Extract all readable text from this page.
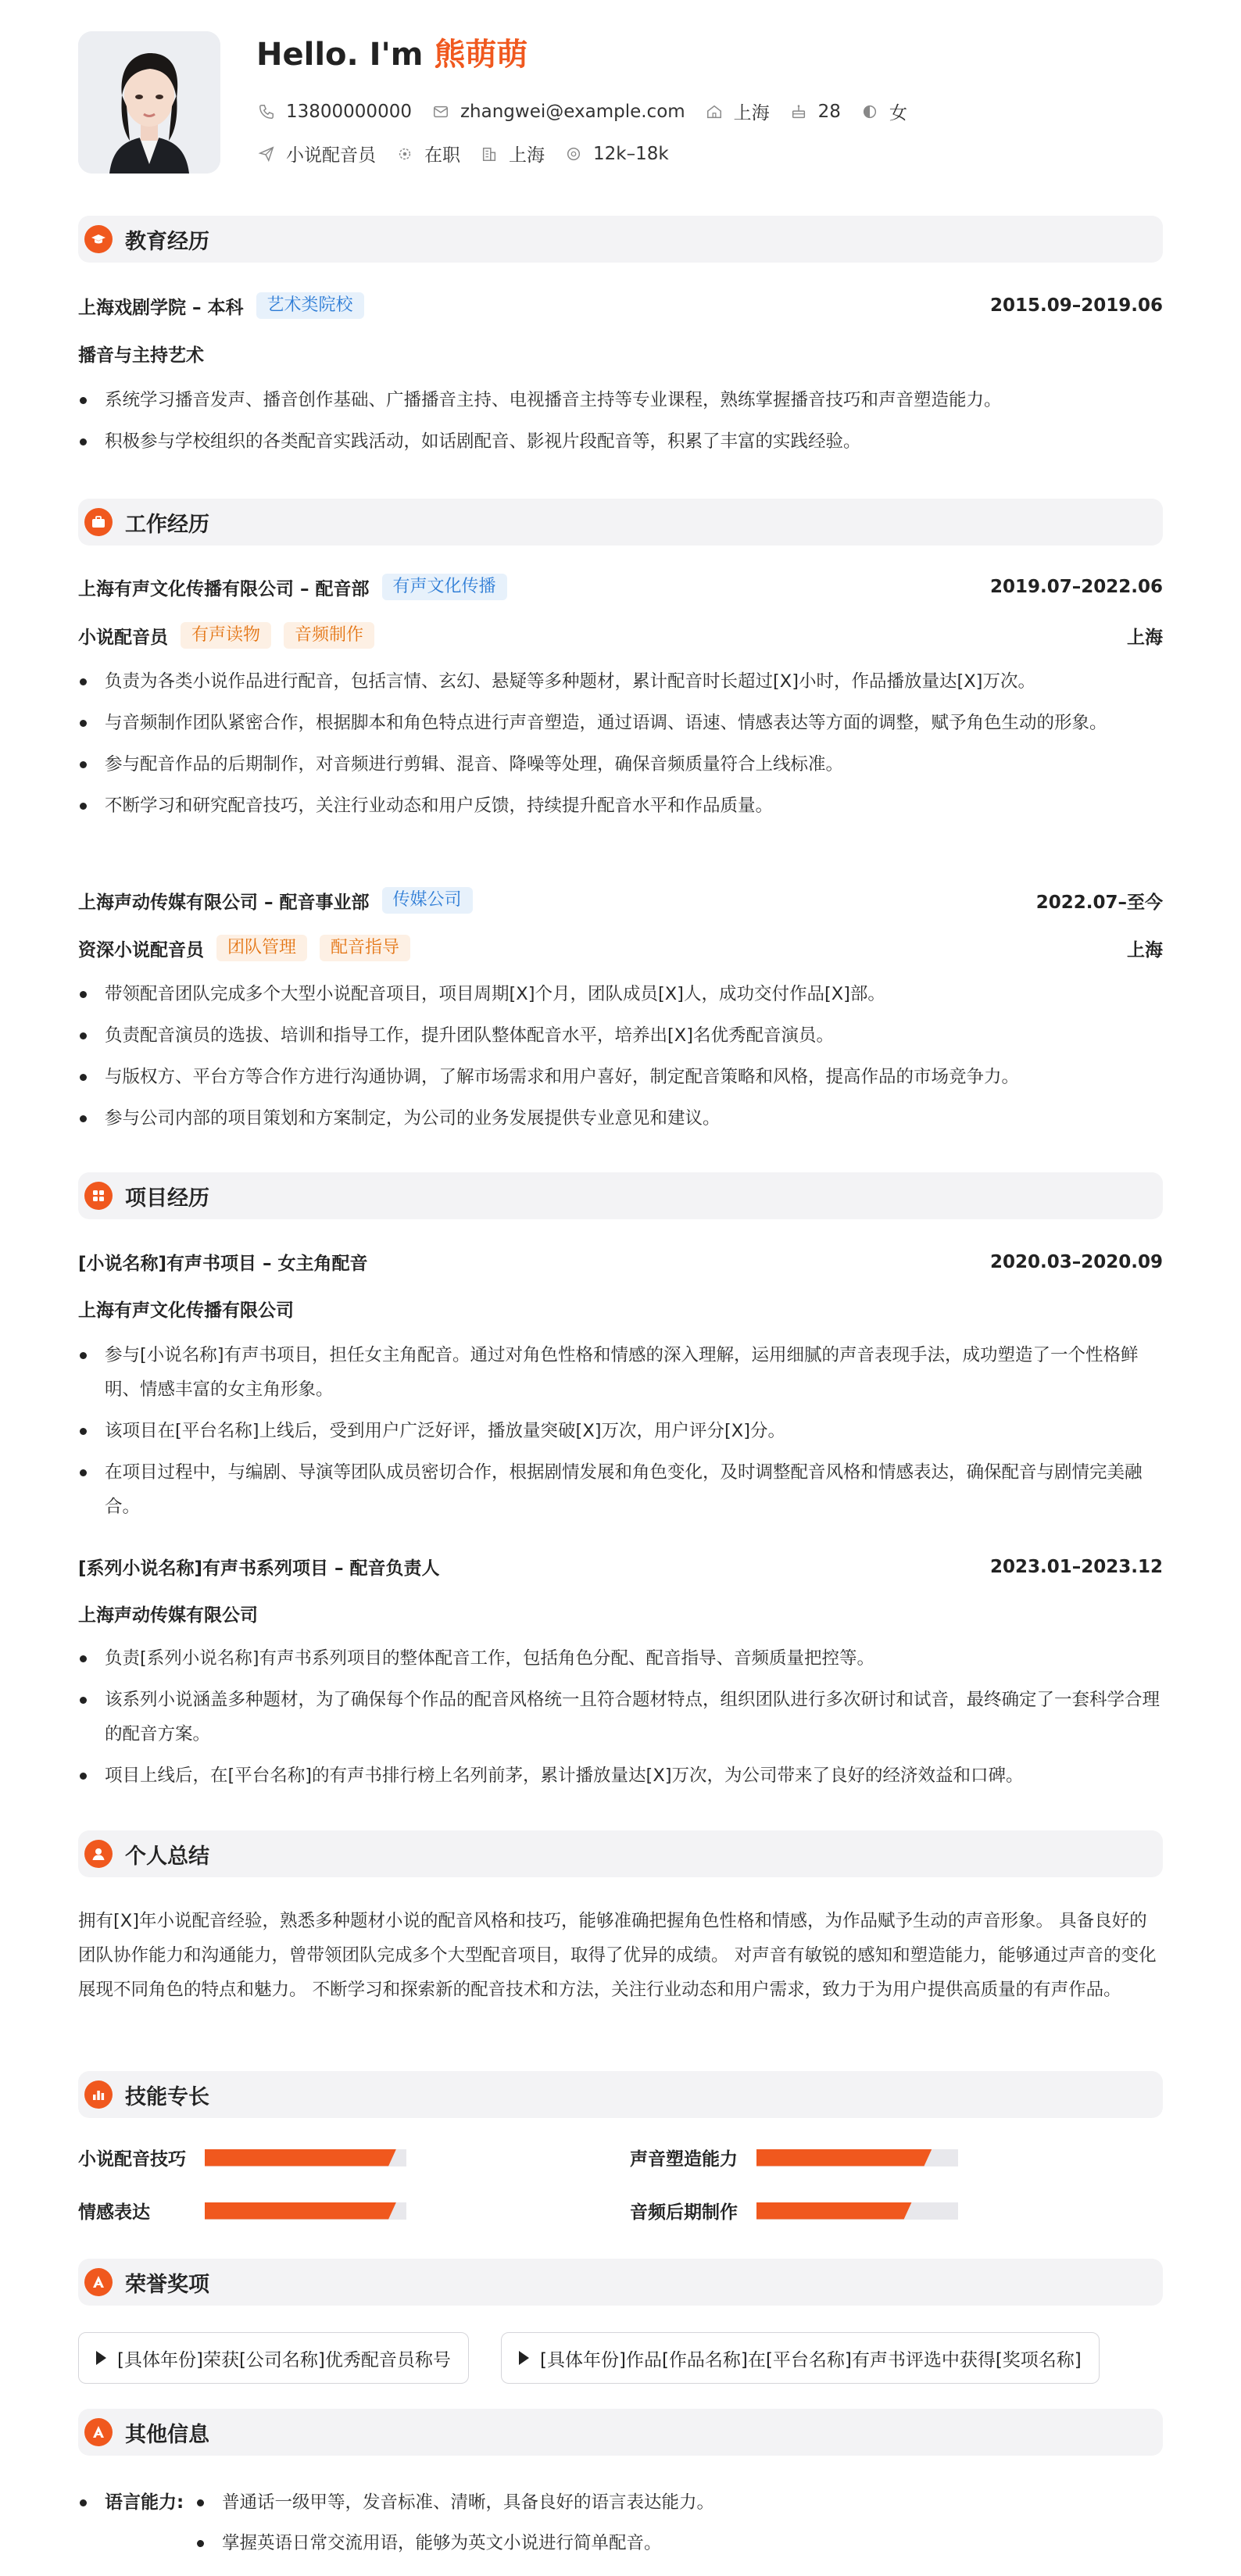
Hello. I'm 熊萌萌
13800000000	zhangwei@example.com	上海	28	女
小说配音员	在职	上海	12k–18k
教育经历
上海戏剧学院 – 本科	艺术类院校	2015.09–2019.06
播音与主持艺术
系统学习播音发声、播音创作基础、广播播音主持、电视播音主持等专业课程，熟练掌握播音技巧和声音塑造能力。
积极参与学校组织的各类配音实践活动，如话剧配音、影视片段配音等，积累了丰富的实践经验。
工作经历
上海有声文化传播有限公司 – 配音部	有声文化传播	2019.07–2022.06
小说配音员	有声读物	音频制作	上海
负责为各类小说作品进行配音，包括言情、玄幻、悬疑等多种题材，累计配音时长超过[X]小时，作品播放量达[X]万次。
与音频制作团队紧密合作，根据脚本和角色特点进行声音塑造，通过语调、语速、情感表达等方面的调整，赋予角色生动的形象。
参与配音作品的后期制作，对音频进行剪辑、混音、降噪等处理，确保音频质量符合上线标准。
不断学习和研究配音技巧，关注行业动态和用户反馈，持续提升配音水平和作品质量。
上海声动传媒有限公司 – 配音事业部	传媒公司	2022.07–至今
资深小说配音员	团队管理	配音指导	上海
带领配音团队完成多个大型小说配音项目，项目周期[X]个月，团队成员[X]人，成功交付作品[X]部。
负责配音演员的选拔、培训和指导工作，提升团队整体配音水平，培养出[X]名优秀配音演员。
与版权方、平台方等合作方进行沟通协调，了解市场需求和用户喜好，制定配音策略和风格，提高作品的市场竞争力。
参与公司内部的项目策划和方案制定，为公司的业务发展提供专业意见和建议。
项目经历
[小说名称]有声书项目 – 女主角配音	2020.03–2020.09
上海有声文化传播有限公司
参与[小说名称]有声书项目，担任女主角配音。通过对角色性格和情感的深入理解，运用细腻的声音表现手法，成功塑造了一个性格鲜明、情感丰富的女主角形象。
该项目在[平台名称]上线后，受到用户广泛好评，播放量突破[X]万次，用户评分[X]分。
在项目过程中，与编剧、导演等团队成员密切合作，根据剧情发展和角色变化，及时调整配音风格和情感表达，确保配音与剧情完美融合。
[系列小说名称]有声书系列项目 – 配音负责人	2023.01–2023.12
上海声动传媒有限公司
负责[系列小说名称]有声书系列项目的整体配音工作，包括角色分配、配音指导、音频质量把控等。
该系列小说涵盖多种题材，为了确保每个作品的配音风格统一且符合题材特点，组织团队进行多次研讨和试音，最终确定了一套科学合理的配音方案。
项目上线后，在[平台名称]的有声书排行榜上名列前茅，累计播放量达[X]万次，为公司带来了良好的经济效益和口碑。
个人总结
拥有[X]年小说配音经验，熟悉多种题材小说的配音风格和技巧，能够准确把握角色性格和情感，为作品赋予生动的声音形象。 具备良好的团队协作能力和沟通能力，曾带领团队完成多个大型配音项目，取得了优异的成绩。 对声音有敏锐的感知和塑造能力，能够通过声音的变化展现不同角色的特点和魅力。 不断学习和探索新的配音技术和方法，关注行业动态和用户需求，致力于为用户提供高质量的有声作品。
技能专长
小说配音技巧	声音塑造能力
情感表达	音频后期制作
荣誉奖项
[具体年份]荣获[公司名称]优秀配音员称号	[具体年份]作品[作品名称]在[平台名称]有声书评选中获得[奖项名称]
其他信息
语言能力:	普通话一级甲等，发音标准、清晰，具备良好的语言表达能力。
掌握英语日常交流用语，能够为英文小说进行简单配音。
